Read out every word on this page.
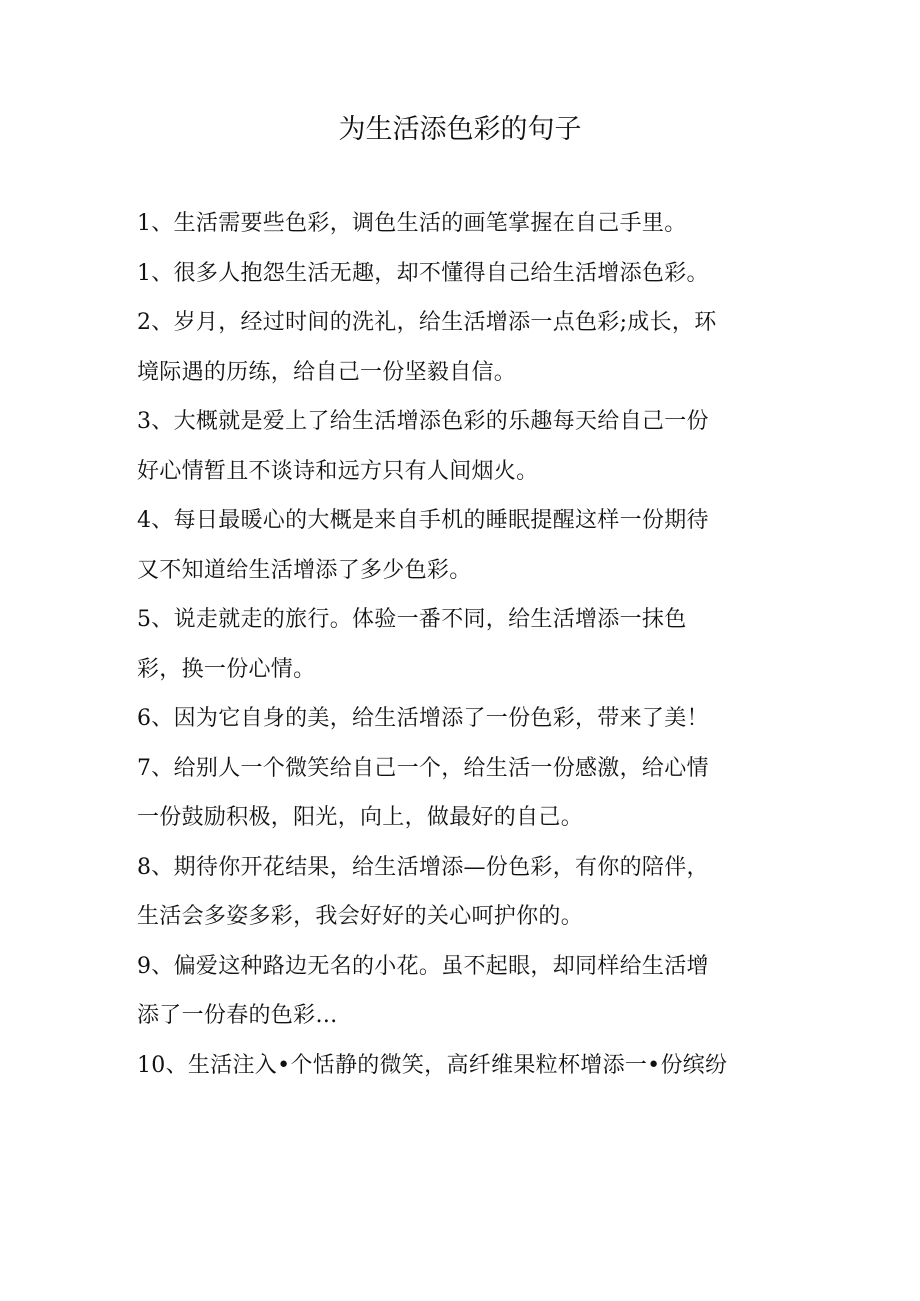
为生活添色彩的句子
1、生活需要些色彩，调色生活的画笔掌握在自己手里。
1、很多人抱怨生活无趣，却不懂得自己给生活增添色彩。
2、岁月，经过时间的洗礼，给生活增添一点色彩;成长，环
境际遇的历练，给自己一份坚毅自信。
3、大概就是爱上了给生活增添色彩的乐趣每天给自己一份
好心情暂且不谈诗和远方只有人间烟火。
4、每日最暖心的大概是来自手机的睡眠提醒这样一份期待
又不知道给生活增添了多少色彩。
5、说走就走的旅行。体验一番不同，给生活增添一抹色
彩，换一份心情。
6、因为它自身的美，给生活增添了一份色彩，带来了美！
7、给别人一个微笑给自己一个，给生活一份感激，给心情
一份鼓励积极，阳光，向上，做最好的自己。
8、期待你开花结果，给生活增添—份色彩，有你的陪伴，
生活会多姿多彩，我会好好的关心呵护你的。
9、偏爱这种路边无名的小花。虽不起眼，却同样给生活增
添了一份春的色彩…
10、生活注入•个恬静的微笑，高纤维果粒杯增添一•份缤纷
